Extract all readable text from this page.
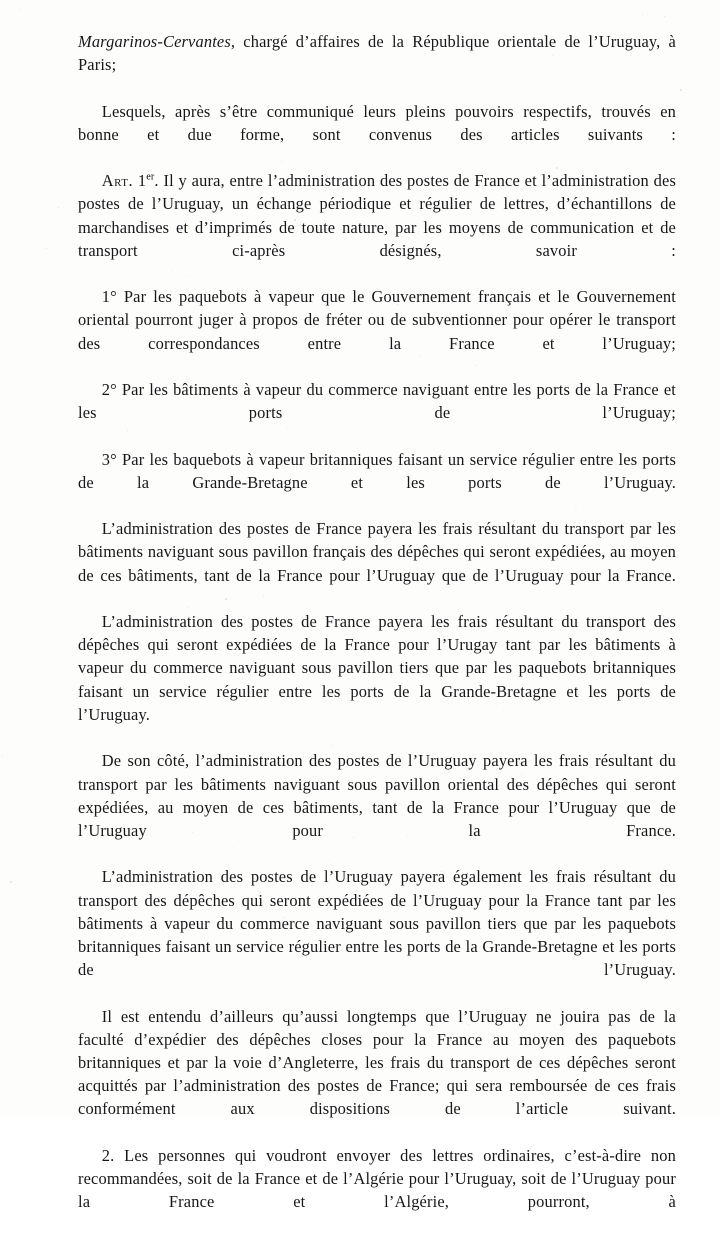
Margarinos-Cervantes, chargé d’affaires de la République orientale de l’Uruguay, à Paris;

Lesquels, après s’être communiqué leurs pleins pouvoirs respectifs, trouvés en bonne et due forme, sont convenus des articles suivants :

Art. 1er. Il y aura, entre l’administration des postes de France et l’administration des postes de l’Uruguay, un échange périodique et régulier de lettres, d’échantillons de marchandises et d’imprimés de toute nature, par les moyens de communication et de transport ci-après désignés, savoir :

1° Par les paquebots à vapeur que le Gouvernement français et le Gouvernement oriental pourront juger à propos de fréter ou de subventionner pour opérer le transport des correspondances entre la France et l’Uruguay;

2° Par les bâtiments à vapeur du commerce naviguant entre les ports de la France et les ports de l’Uruguay;

3° Par les baquebots à vapeur britanniques faisant un service régulier entre les ports de la Grande-Bretagne et les ports de l’Uruguay.

L’administration des postes de France payera les frais résultant du transport par les bâtiments naviguant sous pavillon français des dépêches qui seront expédiées, au moyen de ces bâtiments, tant de la France pour l’Uruguay que de l’Uruguay pour la France.

L’administration des postes de France payera les frais résultant du transport des dépêches qui seront expédiées de la France pour l’Urugay tant par les bâtiments à vapeur du commerce naviguant sous pavillon tiers que par les paquebots britanniques faisant un service régulier entre les ports de la Grande-Bretagne et les ports de l’Uruguay.

De son côté, l’administration des postes de l’Uruguay payera les frais résultant du transport par les bâtiments naviguant sous pavillon oriental des dépêches qui seront expédiées, au moyen de ces bâtiments, tant de la France pour l’Uruguay que de l’Uruguay pour la France.

L’administration des postes de l’Uruguay payera également les frais résultant du transport des dépêches qui seront expédiées de l’Uruguay pour la France tant par les bâtiments à vapeur du commerce naviguant sous pavillon tiers que par les paquebots britanniques faisant un service régulier entre les ports de la Grande-Bretagne et les ports de l’Uruguay.

Il est entendu d’ailleurs qu’aussi longtemps que l’Uruguay ne jouira pas de la faculté d’expédier des dépêches closes pour la France au moyen des paquebots britanniques et par la voie d’Angleterre, les frais du transport de ces dépêches seront acquittés par l’administration des postes de France; qui sera remboursée de ces frais conformément aux dispositions de l’article suivant.

2. Les personnes qui voudront envoyer des lettres ordinaires, c’est-à-dire non recommandées, soit de la France et de l’Algérie pour l’Uruguay, soit de l’Uruguay pour la France et l’Algérie, pourront, à
